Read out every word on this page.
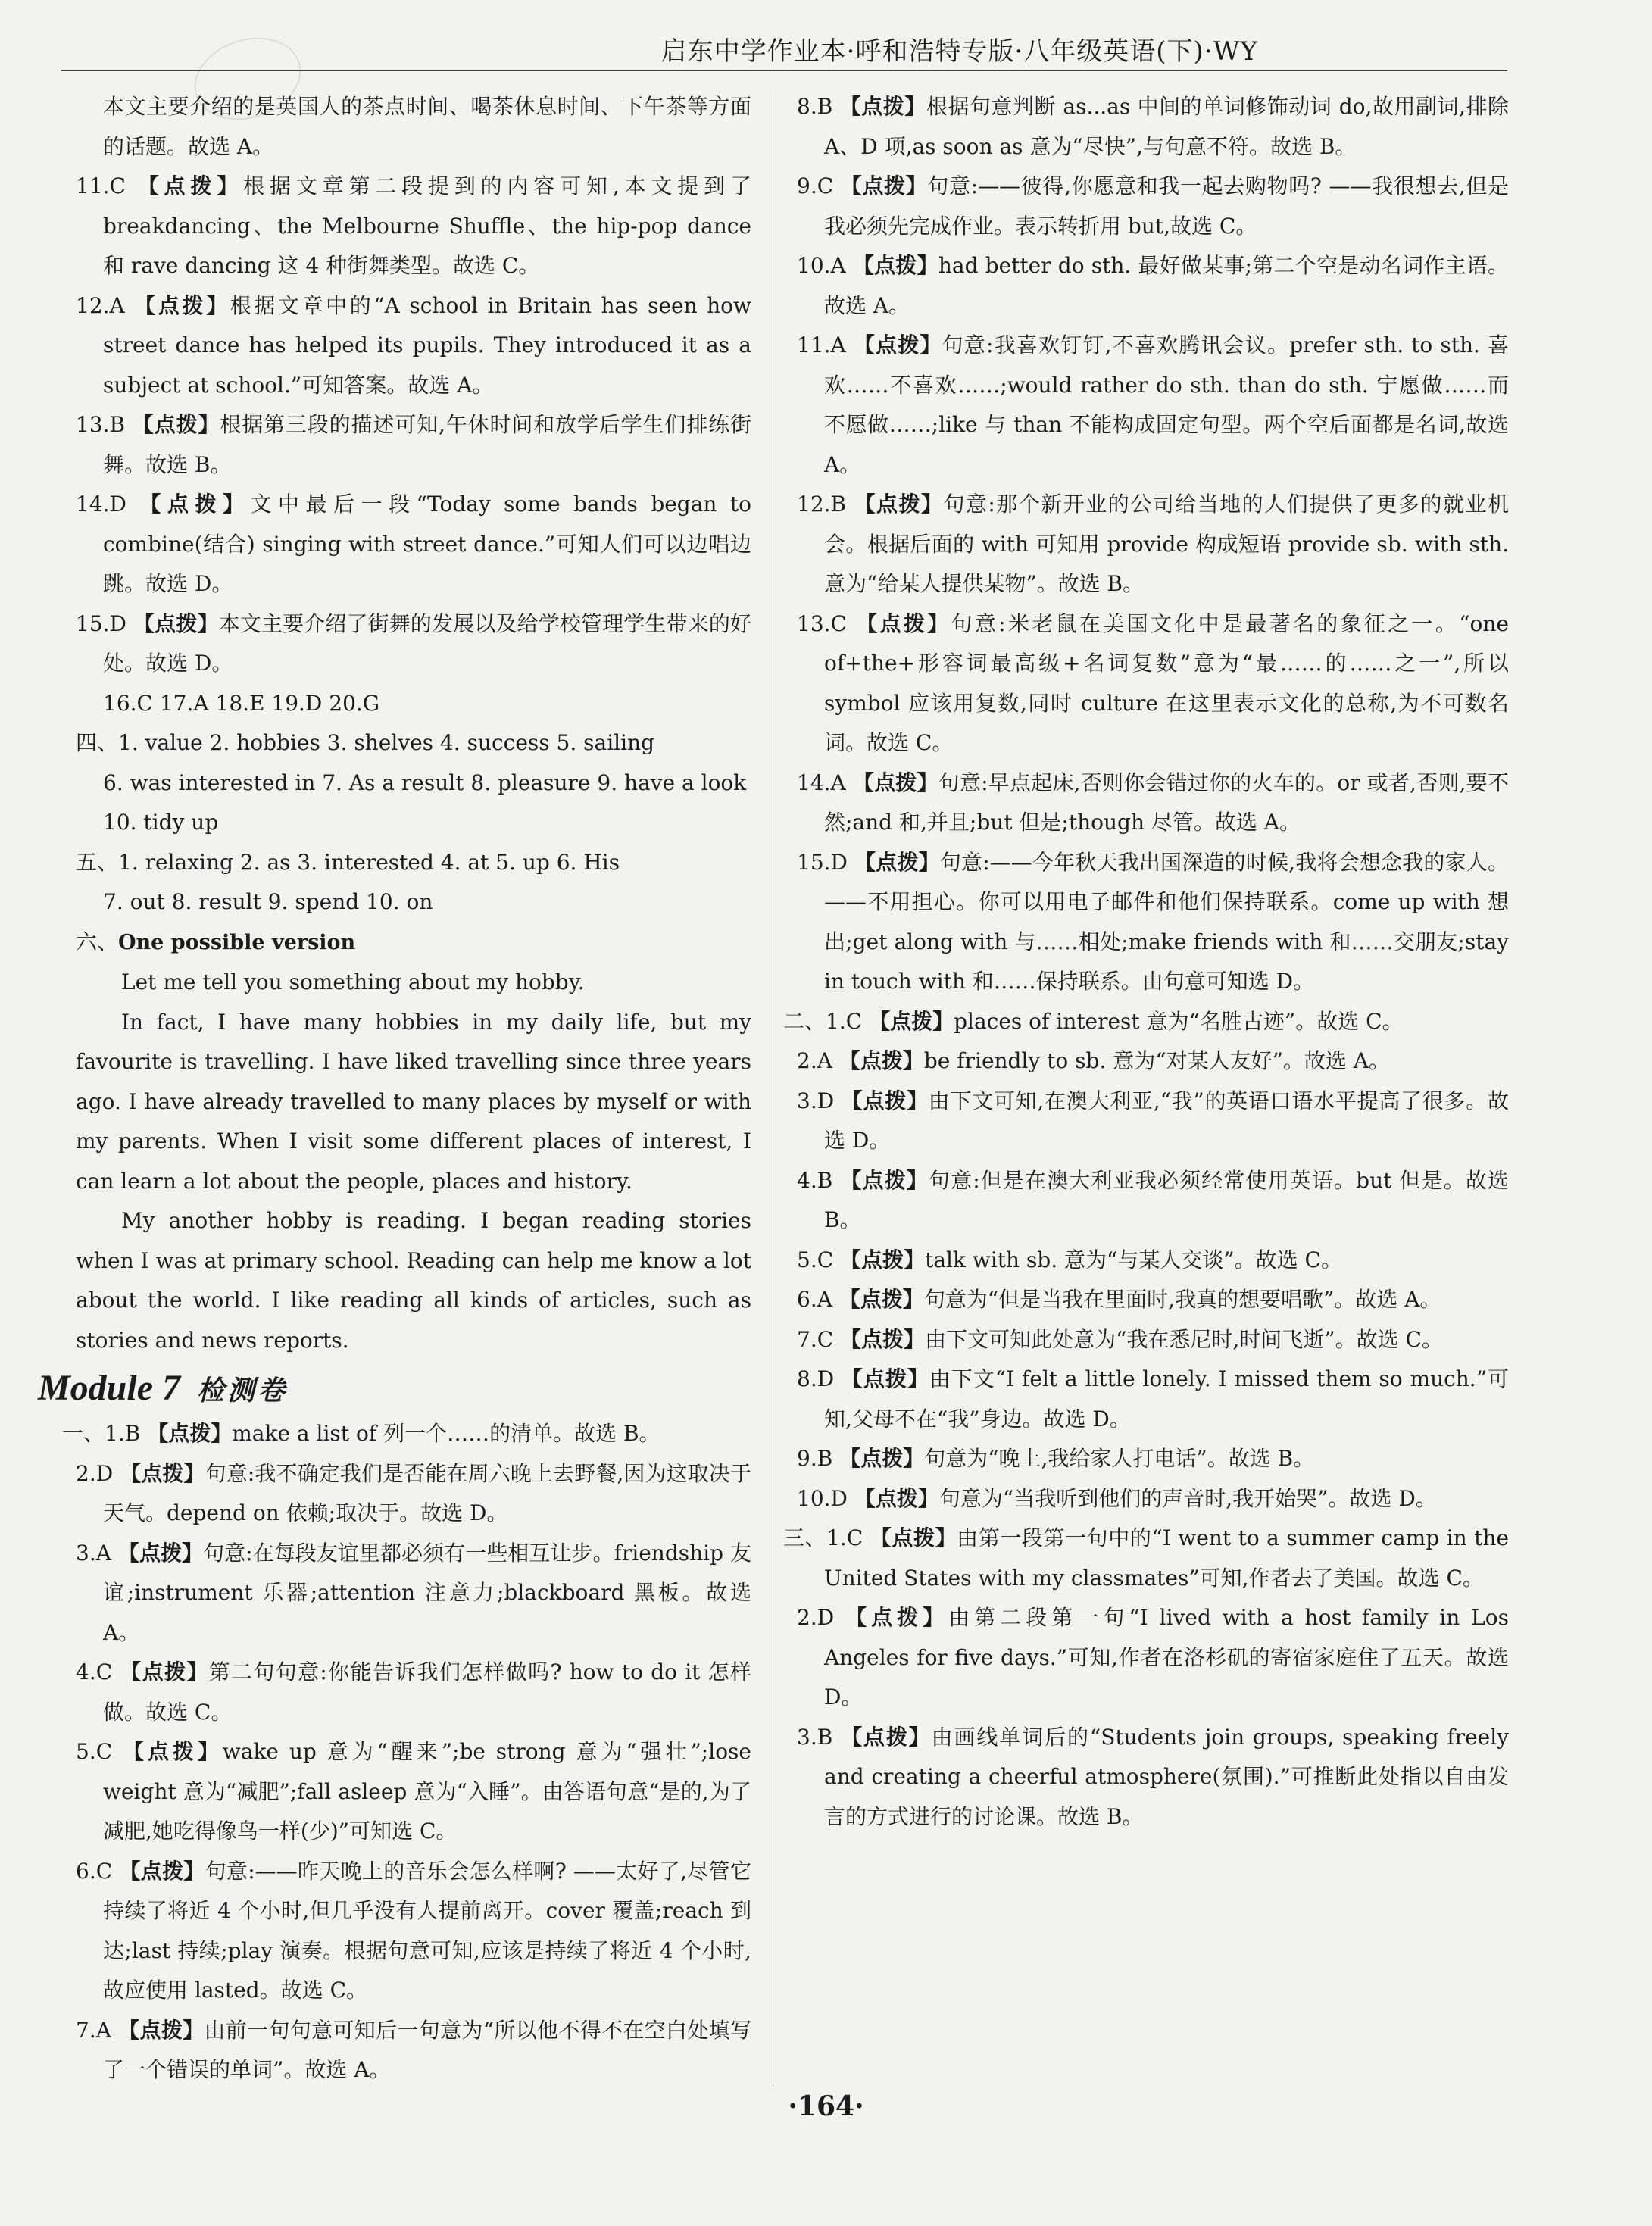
启东中学作业本·呼和浩特专版·八年级英语(下)·WY

本文主要介绍的是英国人的茶点时间、喝茶休息时间、下午茶等方面的话题。故选 A。

11.C 【点拨】根据文章第二段提到的内容可知,本文提到了 breakdancing、the Melbourne Shuffle、the hip-pop dance 和 rave dancing 这 4 种街舞类型。故选 C。

12.A 【点拨】根据文章中的“A school in Britain has seen how street dance has helped its pupils. They introduced it as a subject at school.”可知答案。故选 A。

13.B 【点拨】根据第三段的描述可知,午休时间和放学后学生们排练街舞。故选 B。

14.D 【点拨】文中最后一段“Today some bands began to combine(结合) singing with street dance.”可知人们可以边唱边跳。故选 D。

15.D 【点拨】本文主要介绍了街舞的发展以及给学校管理学生带来的好处。故选 D。

16.C 17.A 18.E 19.D 20.G

四、1. value 2. hobbies 3. shelves 4. success 5. sailing

6. was interested in 7. As a result 8. pleasure 9. have a look

10. tidy up

五、1. relaxing 2. as 3. interested 4. at 5. up 6. His

7. out 8. result 9. spend 10. on

六、One possible version

Let me tell you something about my hobby.

In fact, I have many hobbies in my daily life, but my favourite is travelling. I have liked travelling since three years ago. I have already travelled to many places by myself or with my parents. When I visit some different places of interest, I can learn a lot about the people, places and history.

My another hobby is reading. I began reading stories when I was at primary school. Reading can help me know a lot about the world. I like reading all kinds of articles, such as stories and news reports.

Module 7 检测卷

一、1.B 【点拨】make a list of 列一个……的清单。故选 B。

2.D 【点拨】句意:我不确定我们是否能在周六晚上去野餐,因为这取决于天气。depend on 依赖;取决于。故选 D。

3.A 【点拨】句意:在每段友谊里都必须有一些相互让步。friendship 友谊;instrument 乐器;attention 注意力;blackboard 黑板。故选 A。

4.C 【点拨】第二句句意:你能告诉我们怎样做吗? how to do it 怎样做。故选 C。

5.C 【点拨】wake up 意为“醒来”;be strong 意为“强壮”;lose weight 意为“减肥”;fall asleep 意为“入睡”。由答语句意“是的,为了减肥,她吃得像鸟一样(少)”可知选 C。

6.C 【点拨】句意:——昨天晚上的音乐会怎么样啊? ——太好了,尽管它持续了将近 4 个小时,但几乎没有人提前离开。cover 覆盖;reach 到达;last 持续;play 演奏。根据句意可知,应该是持续了将近 4 个小时,故应使用 lasted。故选 C。

7.A 【点拨】由前一句句意可知后一句意为“所以他不得不在空白处填写了一个错误的单词”。故选 A。

8.B 【点拨】根据句意判断 as...as 中间的单词修饰动词 do,故用副词,排除 A、D 项,as soon as 意为“尽快”,与句意不符。故选 B。

9.C 【点拨】句意:——彼得,你愿意和我一起去购物吗? ——我很想去,但是我必须先完成作业。表示转折用 but,故选 C。

10.A 【点拨】had better do sth. 最好做某事;第二个空是动名词作主语。故选 A。

11.A 【点拨】句意:我喜欢钉钉,不喜欢腾讯会议。prefer sth. to sth. 喜欢……不喜欢……;would rather do sth. than do sth. 宁愿做……而不愿做……;like 与 than 不能构成固定句型。两个空后面都是名词,故选 A。

12.B 【点拨】句意:那个新开业的公司给当地的人们提供了更多的就业机会。根据后面的 with 可知用 provide 构成短语 provide sb. with sth. 意为“给某人提供某物”。故选 B。

13.C 【点拨】句意:米老鼠在美国文化中是最著名的象征之一。“one of+the+形容词最高级+名词复数”意为“最……的……之一”,所以 symbol 应该用复数,同时 culture 在这里表示文化的总称,为不可数名词。故选 C。

14.A 【点拨】句意:早点起床,否则你会错过你的火车的。or 或者,否则,要不然;and 和,并且;but 但是;though 尽管。故选 A。

15.D 【点拨】句意:——今年秋天我出国深造的时候,我将会想念我的家人。——不用担心。你可以用电子邮件和他们保持联系。come up with 想出;get along with 与……相处;make friends with 和……交朋友;stay in touch with 和……保持联系。由句意可知选 D。

二、1.C 【点拨】places of interest 意为“名胜古迹”。故选 C。

2.A 【点拨】be friendly to sb. 意为“对某人友好”。故选 A。

3.D 【点拨】由下文可知,在澳大利亚,“我”的英语口语水平提高了很多。故选 D。

4.B 【点拨】句意:但是在澳大利亚我必须经常使用英语。but 但是。故选 B。

5.C 【点拨】talk with sb. 意为“与某人交谈”。故选 C。

6.A 【点拨】句意为“但是当我在里面时,我真的想要唱歌”。故选 A。

7.C 【点拨】由下文可知此处意为“我在悉尼时,时间飞逝”。故选 C。

8.D 【点拨】由下文“I felt a little lonely. I missed them so much.”可知,父母不在“我”身边。故选 D。

9.B 【点拨】句意为“晚上,我给家人打电话”。故选 B。

10.D 【点拨】句意为“当我听到他们的声音时,我开始哭”。故选 D。

三、1.C 【点拨】由第一段第一句中的“I went to a summer camp in the United States with my classmates”可知,作者去了美国。故选 C。

2.D 【点拨】由第二段第一句“I lived with a host family in Los Angeles for five days.”可知,作者在洛杉矶的寄宿家庭住了五天。故选 D。

3.B 【点拨】由画线单词后的“Students join groups, speaking freely and creating a cheerful atmosphere(氛围).”可推断此处指以自由发言的方式进行的讨论课。故选 B。

·164·
